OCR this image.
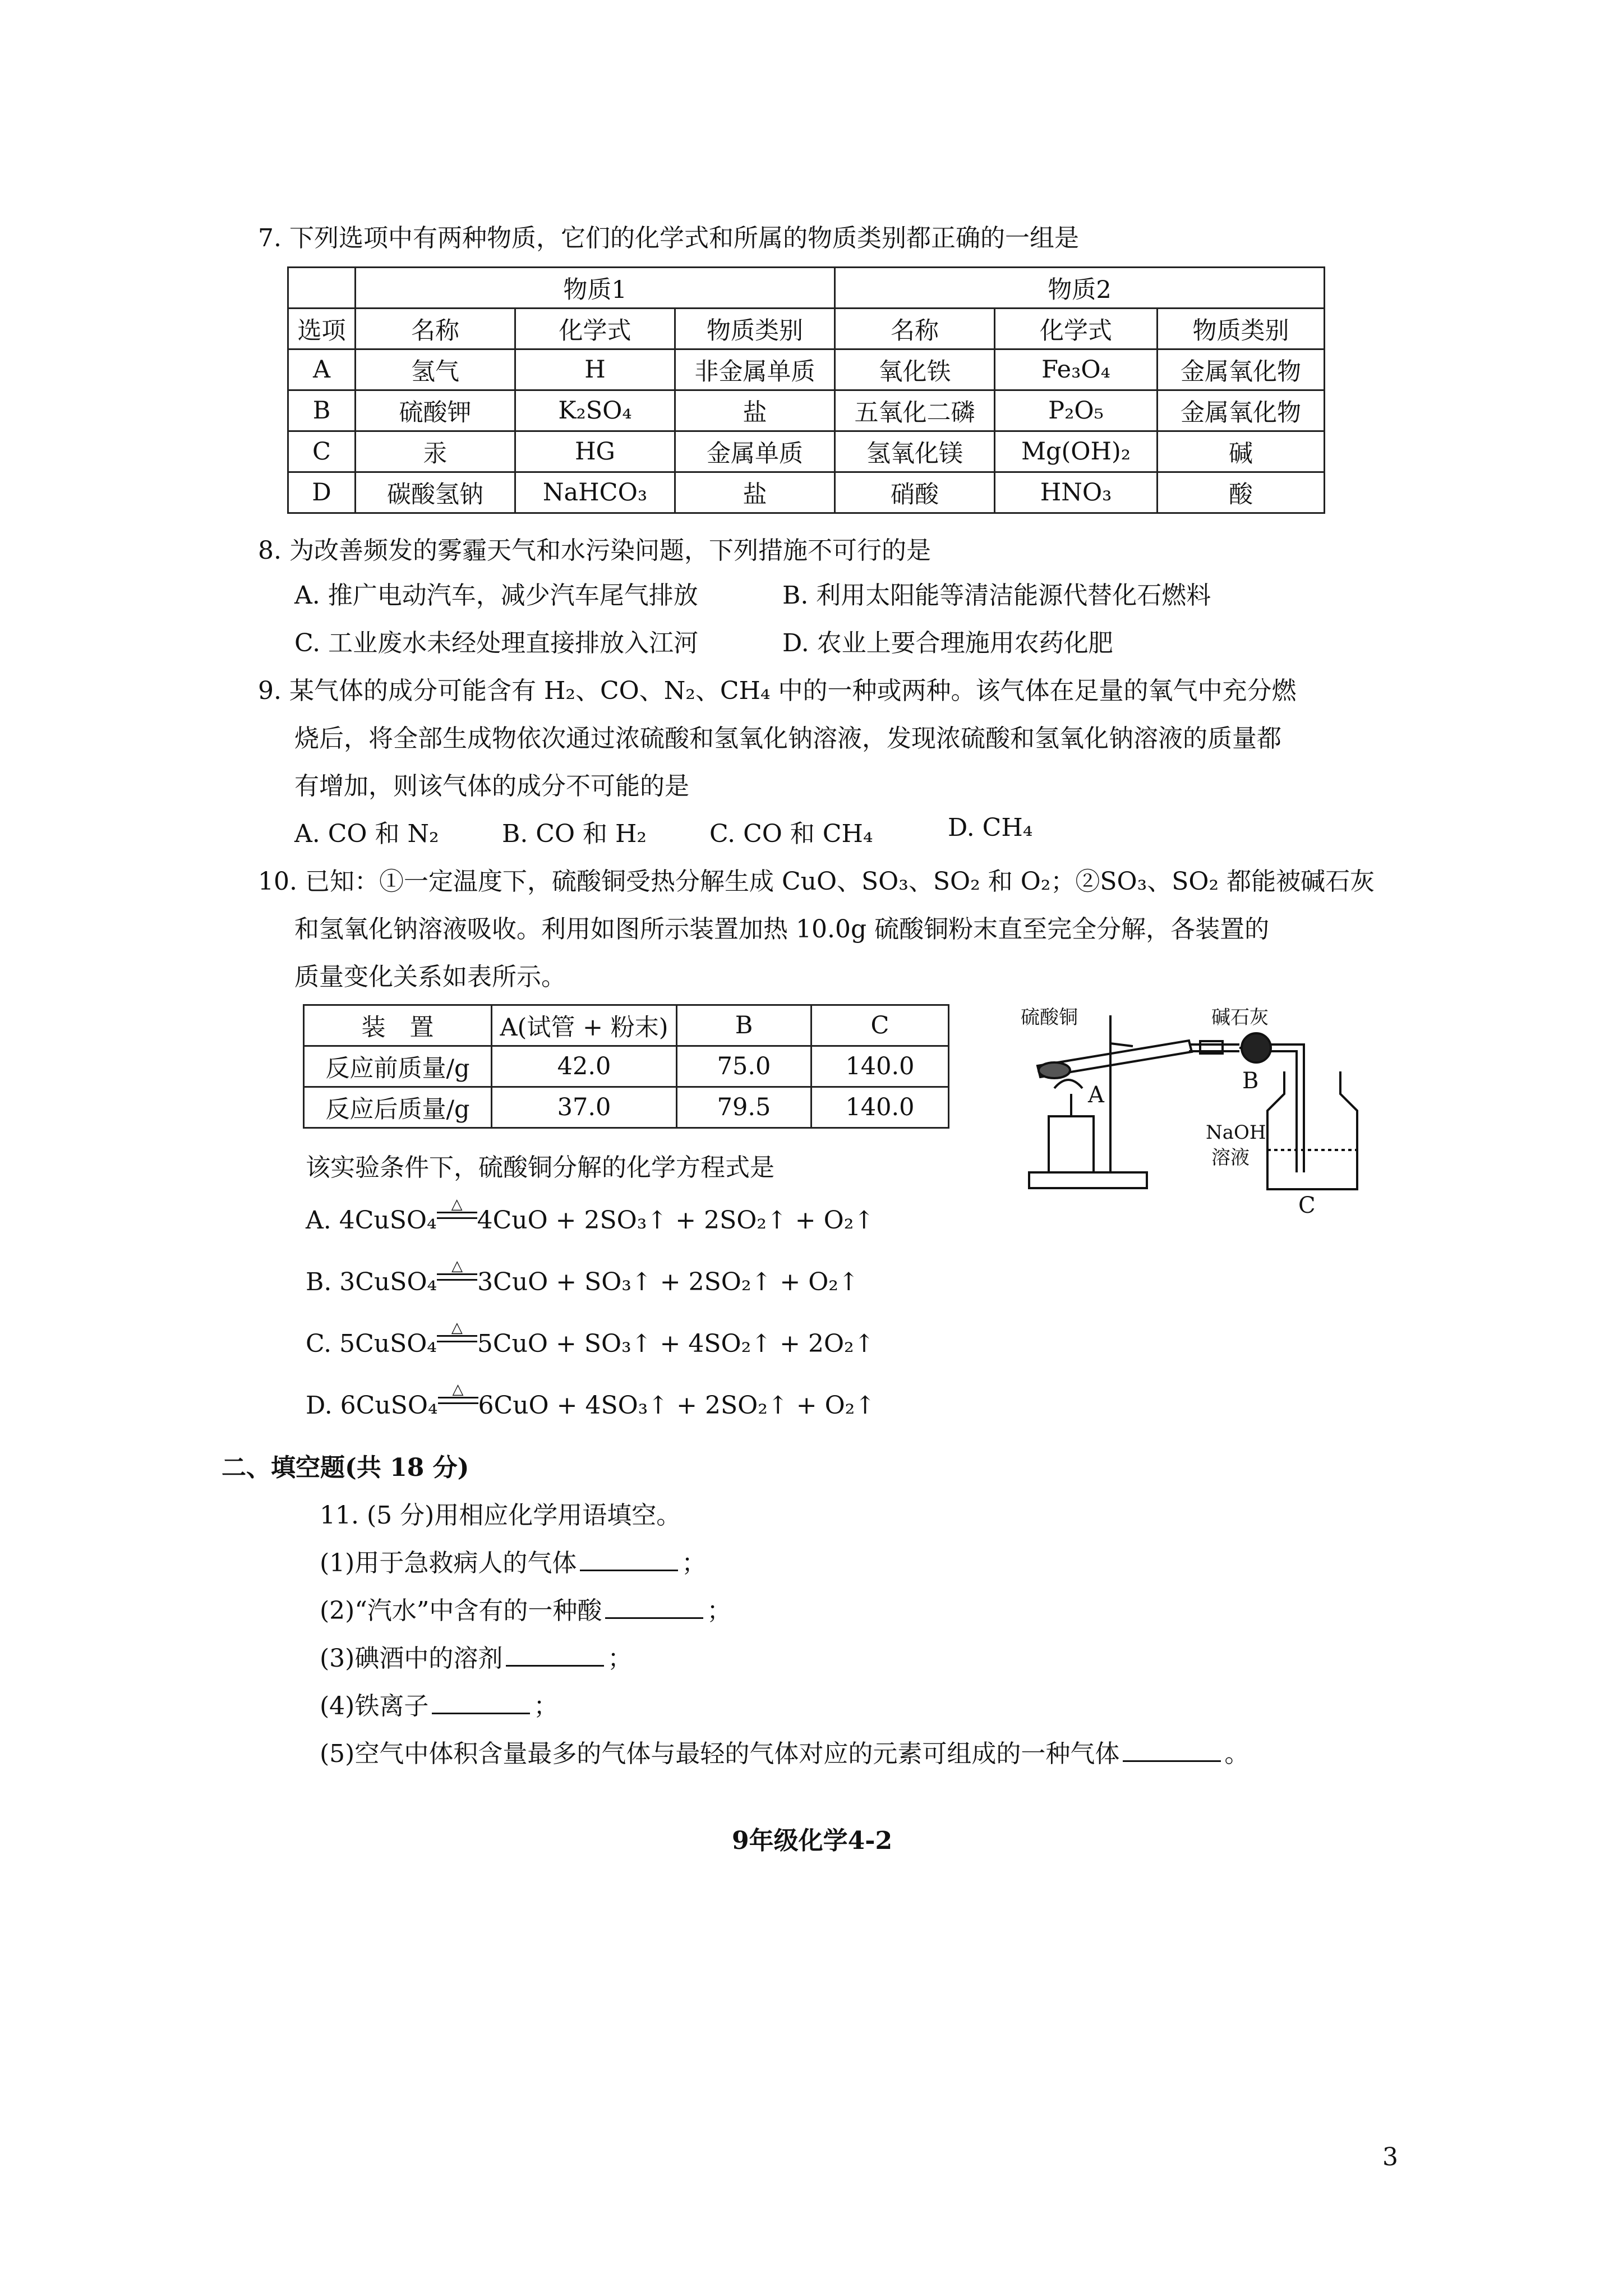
7. 下列选项中有两种物质，它们的化学式和所属的物质类别都正确的一组是
	物质1			物质2		
选项	名称	化学式	物质类别	名称	化学式	物质类别
A	氢气	H	非金属单质	氧化铁	Fe₃O₄	金属氧化物
B	硫酸钾	K₂SO₄	盐	五氧化二磷	P₂O₅	金属氧化物
C	汞	HG	金属单质	氢氧化镁	Mg(OH)₂	碱
D	碳酸氢钠	NaHCO₃	盐	硝酸	HNO₃	酸
8. 为改善频发的雾霾天气和水污染问题，下列措施不可行的是
A. 推广电动汽车，减少汽车尾气排放	B. 利用太阳能等清洁能源代替化石燃料
C. 工业废水未经处理直接排放入江河	D. 农业上要合理施用农药化肥
9. 某气体的成分可能含有 H₂、CO、N₂、CH₄ 中的一种或两种。该气体在足量的氧气中充分燃
烧后，将全部生成物依次通过浓硫酸和氢氧化钠溶液，发现浓硫酸和氢氧化钠溶液的质量都
有增加，则该气体的成分不可能的是
A. CO 和 N₂	B. CO 和 H₂	C. CO 和 CH₄	D. CH₄
10. 已知：①一定温度下，硫酸铜受热分解生成 CuO、SO₃、SO₂ 和 O₂；②SO₃、SO₂ 都能被碱石灰
和氢氧化钠溶液吸收。利用如图所示装置加热 10.0g 硫酸铜粉末直至完全分解，各装置的
质量变化关系如表所示。
装　置	A(试管 + 粉末)	B	C
反应前质量/g	42.0	75.0	140.0
反应后质量/g	37.0	79.5	140.0
硫酸铜	碱石灰
A
B
NaOH
溶液
C
该实验条件下，硫酸铜分解的化学方程式是
A. 4CuSO₄
△
4CuO + 2SO₃↑ + 2SO₂↑ + O₂↑
B. 3CuSO₄
△
3CuO + SO₃↑ + 2SO₂↑ + O₂↑
C. 5CuSO₄
△
5CuO + SO₃↑ + 4SO₂↑ + 2O₂↑
D. 6CuSO₄
△
6CuO + 4SO₃↑ + 2SO₂↑ + O₂↑
二、填空题(共 18 分)
11. (5 分)用相应化学用语填空。
(1)用于急救病人的气体	；
(2)“汽水”中含有的一种酸	；
(3)碘酒中的溶剂	；
(4)铁离子	；
(5)空气中体积含量最多的气体与最轻的气体对应的元素可组成的一种气体	。
9年级化学4-2
3
